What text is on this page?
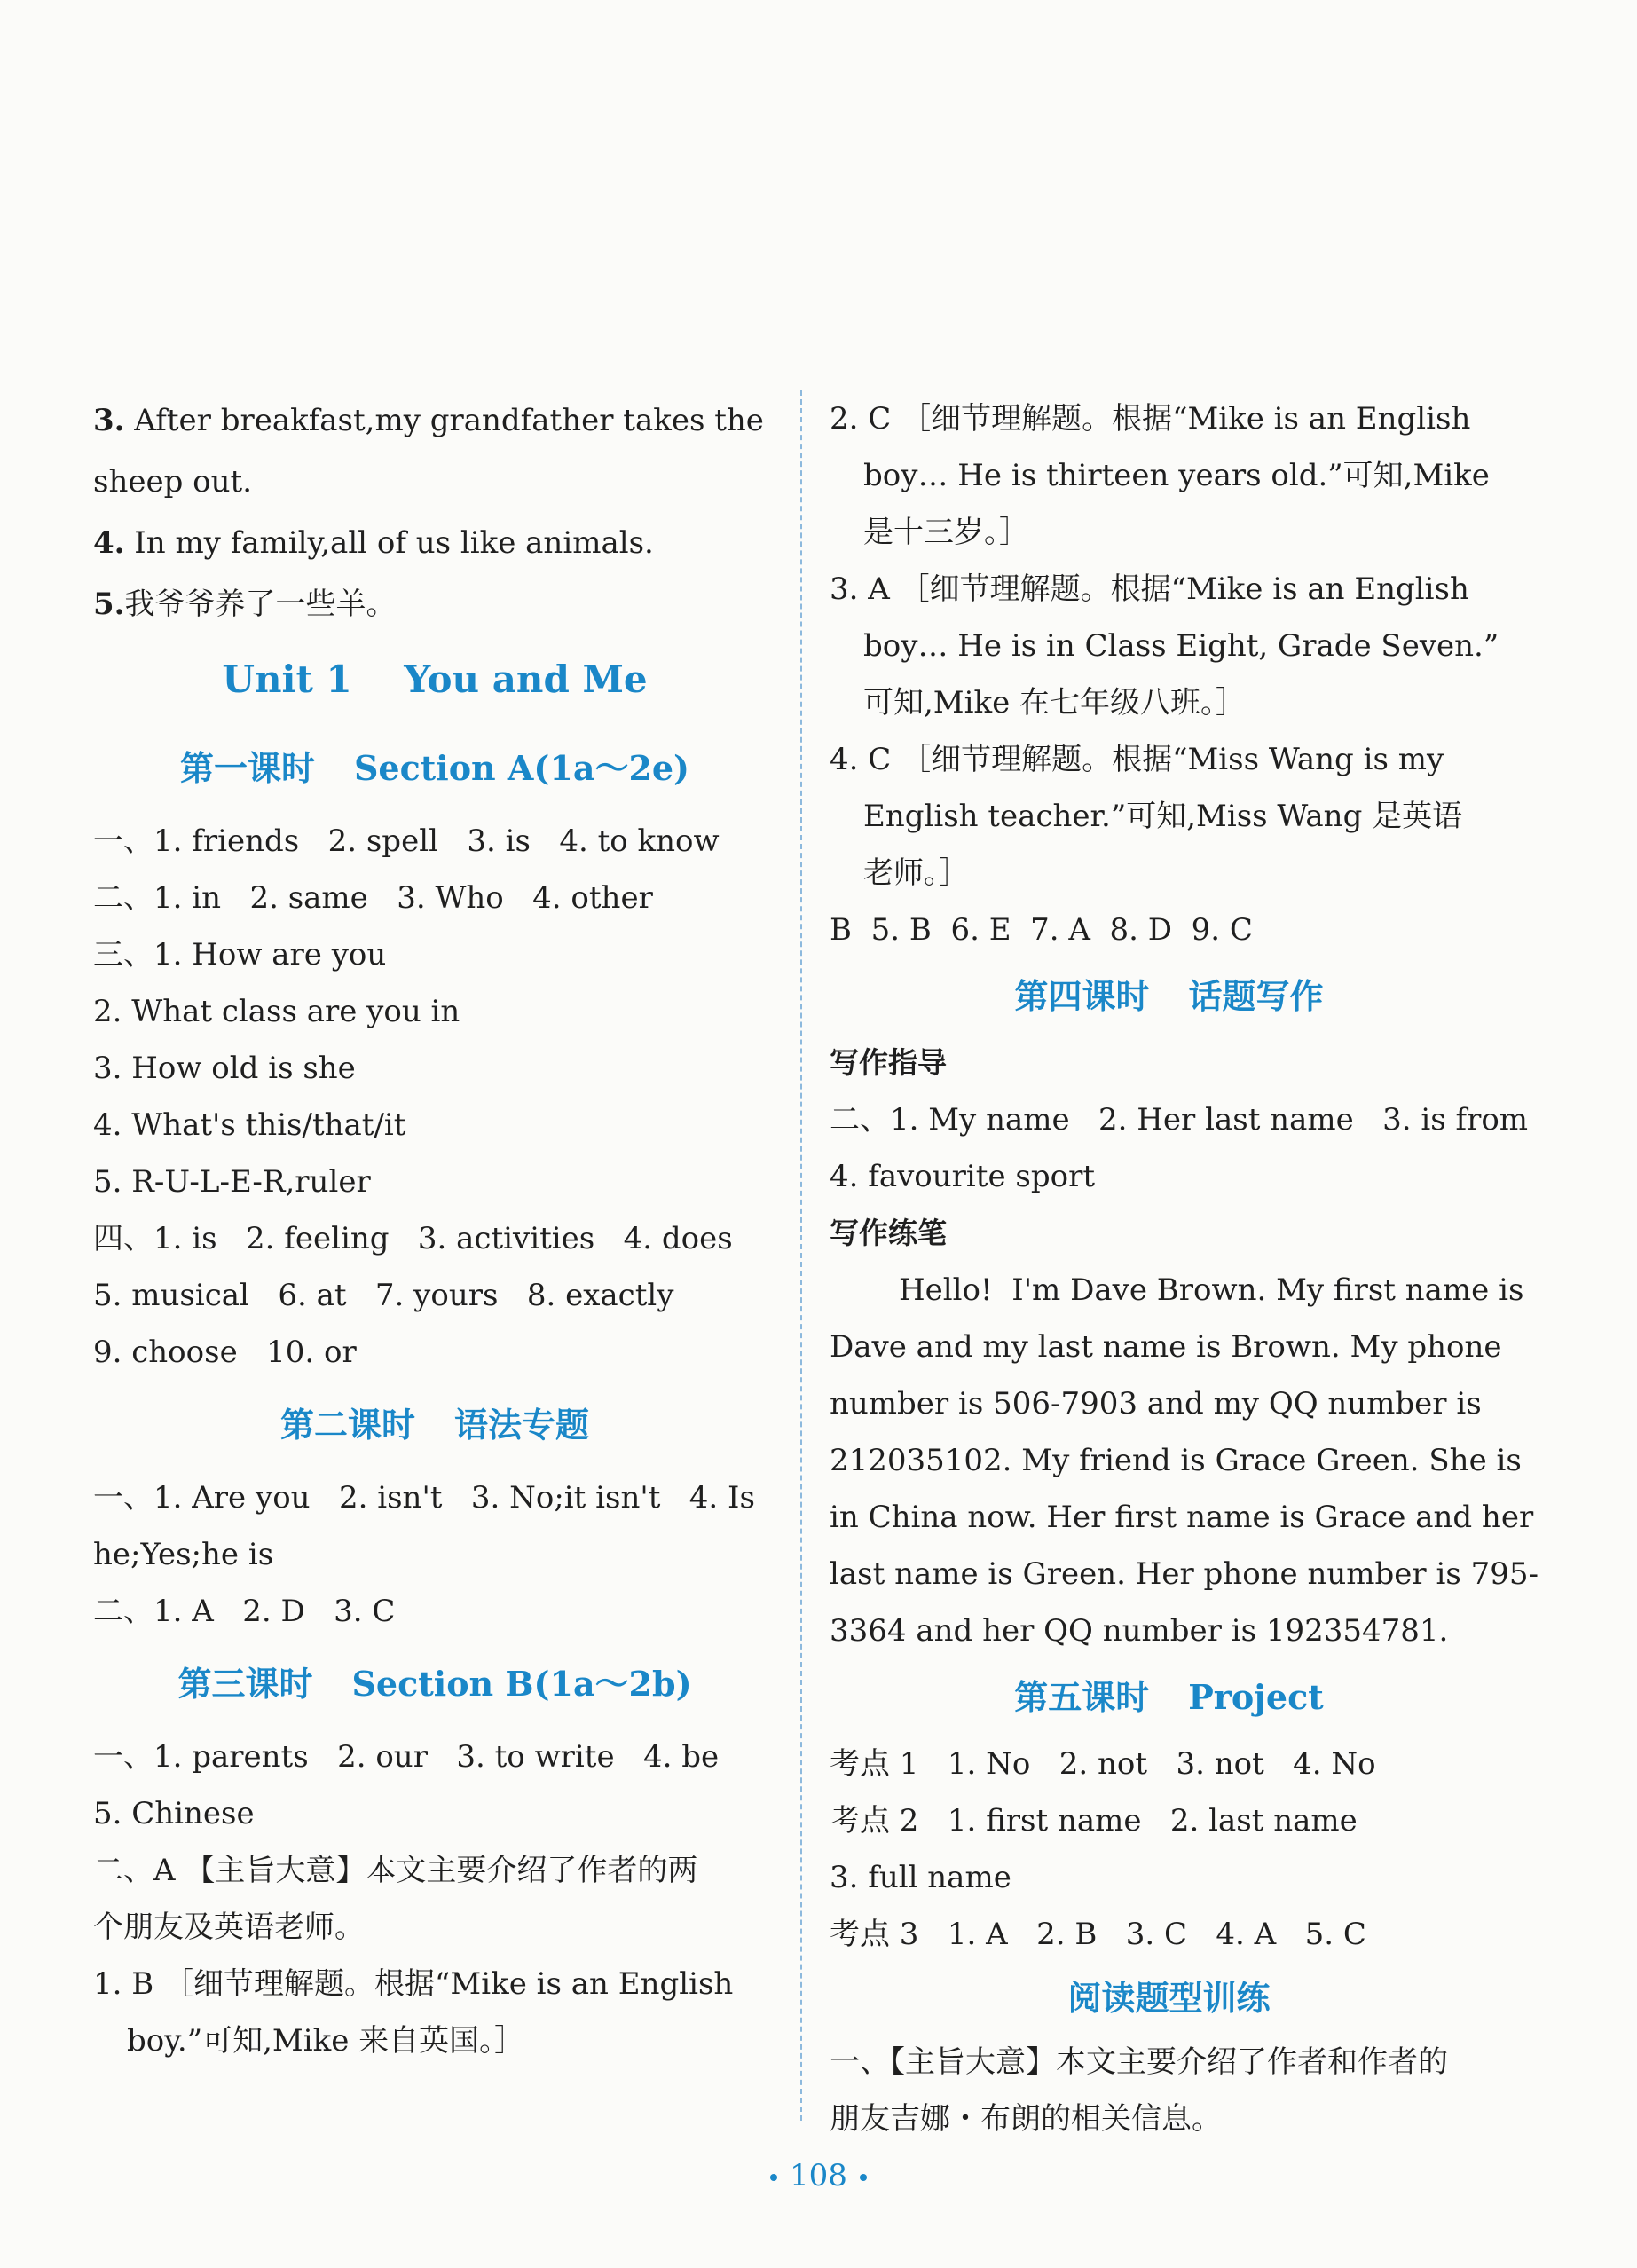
3. After breakfast,my grandfather takes the
sheep out.
4. In my family,all of us like animals.
5.我爷爷养了一些羊。
Unit 1    You and Me
第一课时 Section A(1a～2e)
一、1. friends   2. spell   3. is   4. to know
二、1. in   2. same   3. Who   4. other
三、1. How are you
2. What class are you in
3. How old is she
4. What's this/that/it
5. R-U-L-E-R,ruler
四、1. is   2. feeling   3. activities   4. does
5. musical   6. at   7. yours   8. exactly
9. choose   10. or
第二课时 语法专题
一、1. Are you   2. isn't   3. No;it isn't   4. Is
he;Yes;he is
二、1. A   2. D   3. C
第三课时 Section B(1a～2b)
一、1. parents   2. our   3. to write   4. be
5. Chinese
二、A 【主旨大意】本文主要介绍了作者的两
个朋友及英语老师。
1. B ［细节理解题。根据“Mike is an English
boy.”可知,Mike 来自英国。］
2. C ［细节理解题。根据“Mike is an English
boy… He is thirteen years old.”可知,Mike
是十三岁。］
3. A ［细节理解题。根据“Mike is an English
boy… He is in Class Eight, Grade Seven.”
可知,Mike 在七年级八班。］
4. C ［细节理解题。根据“Miss Wang is my
English teacher.”可知,Miss Wang 是英语
老师。］
B  5. B  6. E  7. A  8. D  9. C
第四课时 话题写作
写作指导
二、1. My name   2. Her last name   3. is from
4. favourite sport
写作练笔
Hello!  I'm Dave Brown. My first name is
Dave and my last name is Brown. My phone
number is 506-7903 and my QQ number is
212035102. My friend is Grace Green. She is
in China now. Her first name is Grace and her
last name is Green. Her phone number is 795-
3364 and her QQ number is 192354781.
第五课时 Project
考点 1   1. No   2. not   3. not   4. No
考点 2   1. first name   2. last name
3. full name
考点 3   1. A   2. B   3. C   4. A   5. C
阅读题型训练
一、【主旨大意】本文主要介绍了作者和作者的
朋友吉娜・布朗的相关信息。
108
